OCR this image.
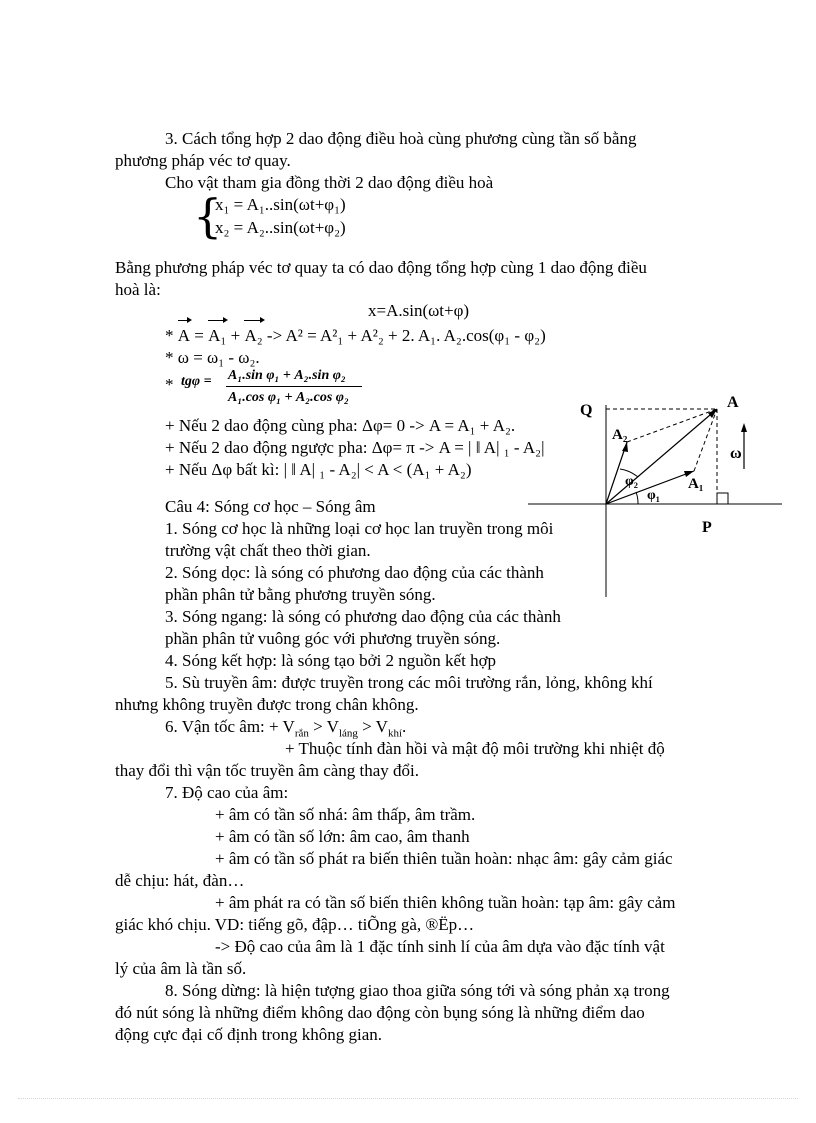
3. Cách tổng hợp 2 dao động điều hoà cùng phương cùng tần số bằng
phương pháp véc tơ quay.
Cho vật tham gia đồng thời 2 dao động điều hoà
{
x₁ = A₁..sin(ωt+φ₁)
x₂ = A₂..sin(ωt+φ₂)
Bằng phương pháp véc tơ quay ta có dao động tổng hợp cùng 1 dao động điều
hoà là:
x=A.sin(ωt+φ)
* A = A₁ + A₂ -> A² = A²₁ + A²₂ + 2. A₁. A₂.cos(φ₁ - φ₂)
* ω = ω₁ - ω₂.
* tgφ = A₁.sin φ₁ + A₂.sin φ₂
A₁.cos φ₁ + A₂.cos φ₂
+ Nếu 2 dao động cùng pha: Δφ= 0 -> A = A₁ + A₂.
+ Nếu 2 dao động ngược pha: Δφ= π -> A = | ‖ A| ₁ - A₂|
+ Nếu Δφ bất kì: | ‖ A| ₁ - A₂| < A < (A₁ + A₂)
Q	A
A₂
A₁
φ₂
φ₁
ω
P
Câu 4: Sóng cơ học – Sóng âm
1. Sóng cơ học là những loại cơ học lan truyền trong môi
trường vật chất theo thời gian.
2. Sóng dọc: là sóng có phương dao động của các thành
phần phân tử bằng phương truyền sóng.
3. Sóng ngang: là sóng có phương dao động của các thành
phần phân tử vuông góc với phương truyền sóng.
4. Sóng kết hợp: là sóng tạo bởi 2 nguồn kết hợp
5. Sù truyền âm: được truyền trong các môi trường rắn, lỏng, không khí
nhưng không truyền được trong chân không.
6. Vận tốc âm: + $V_{rắn} > V_{láng} > V_{khí}$.
+ Thuộc tính đàn hồi và mật độ môi trường khi nhiệt độ
thay đổi thì vận tốc truyền âm càng thay đổi.
7. Độ cao của âm:
+ âm có tần số nhá: âm thấp, âm trầm.
+ âm có tần số lớn: âm cao, âm thanh
+ âm có tần số phát ra biến thiên tuần hoàn: nhạc âm: gây cảm giác
dễ chịu: hát, đàn…
+ âm phát ra có tần số biến thiên không tuần hoàn: tạp âm: gây cảm
giác khó chịu. VD: tiếng gõ, đập… tiÕng gà, ®Ëp…
-> Độ cao của âm là 1 đặc tính sinh lí của âm dựa vào đặc tính vật
lý của âm là tần số.
8. Sóng dừng: là hiện tượng giao thoa giữa sóng tới và sóng phản xạ trong
đó nút sóng là những điểm không dao động còn bụng sóng là những điểm dao
động cực đại cố định trong không gian.
